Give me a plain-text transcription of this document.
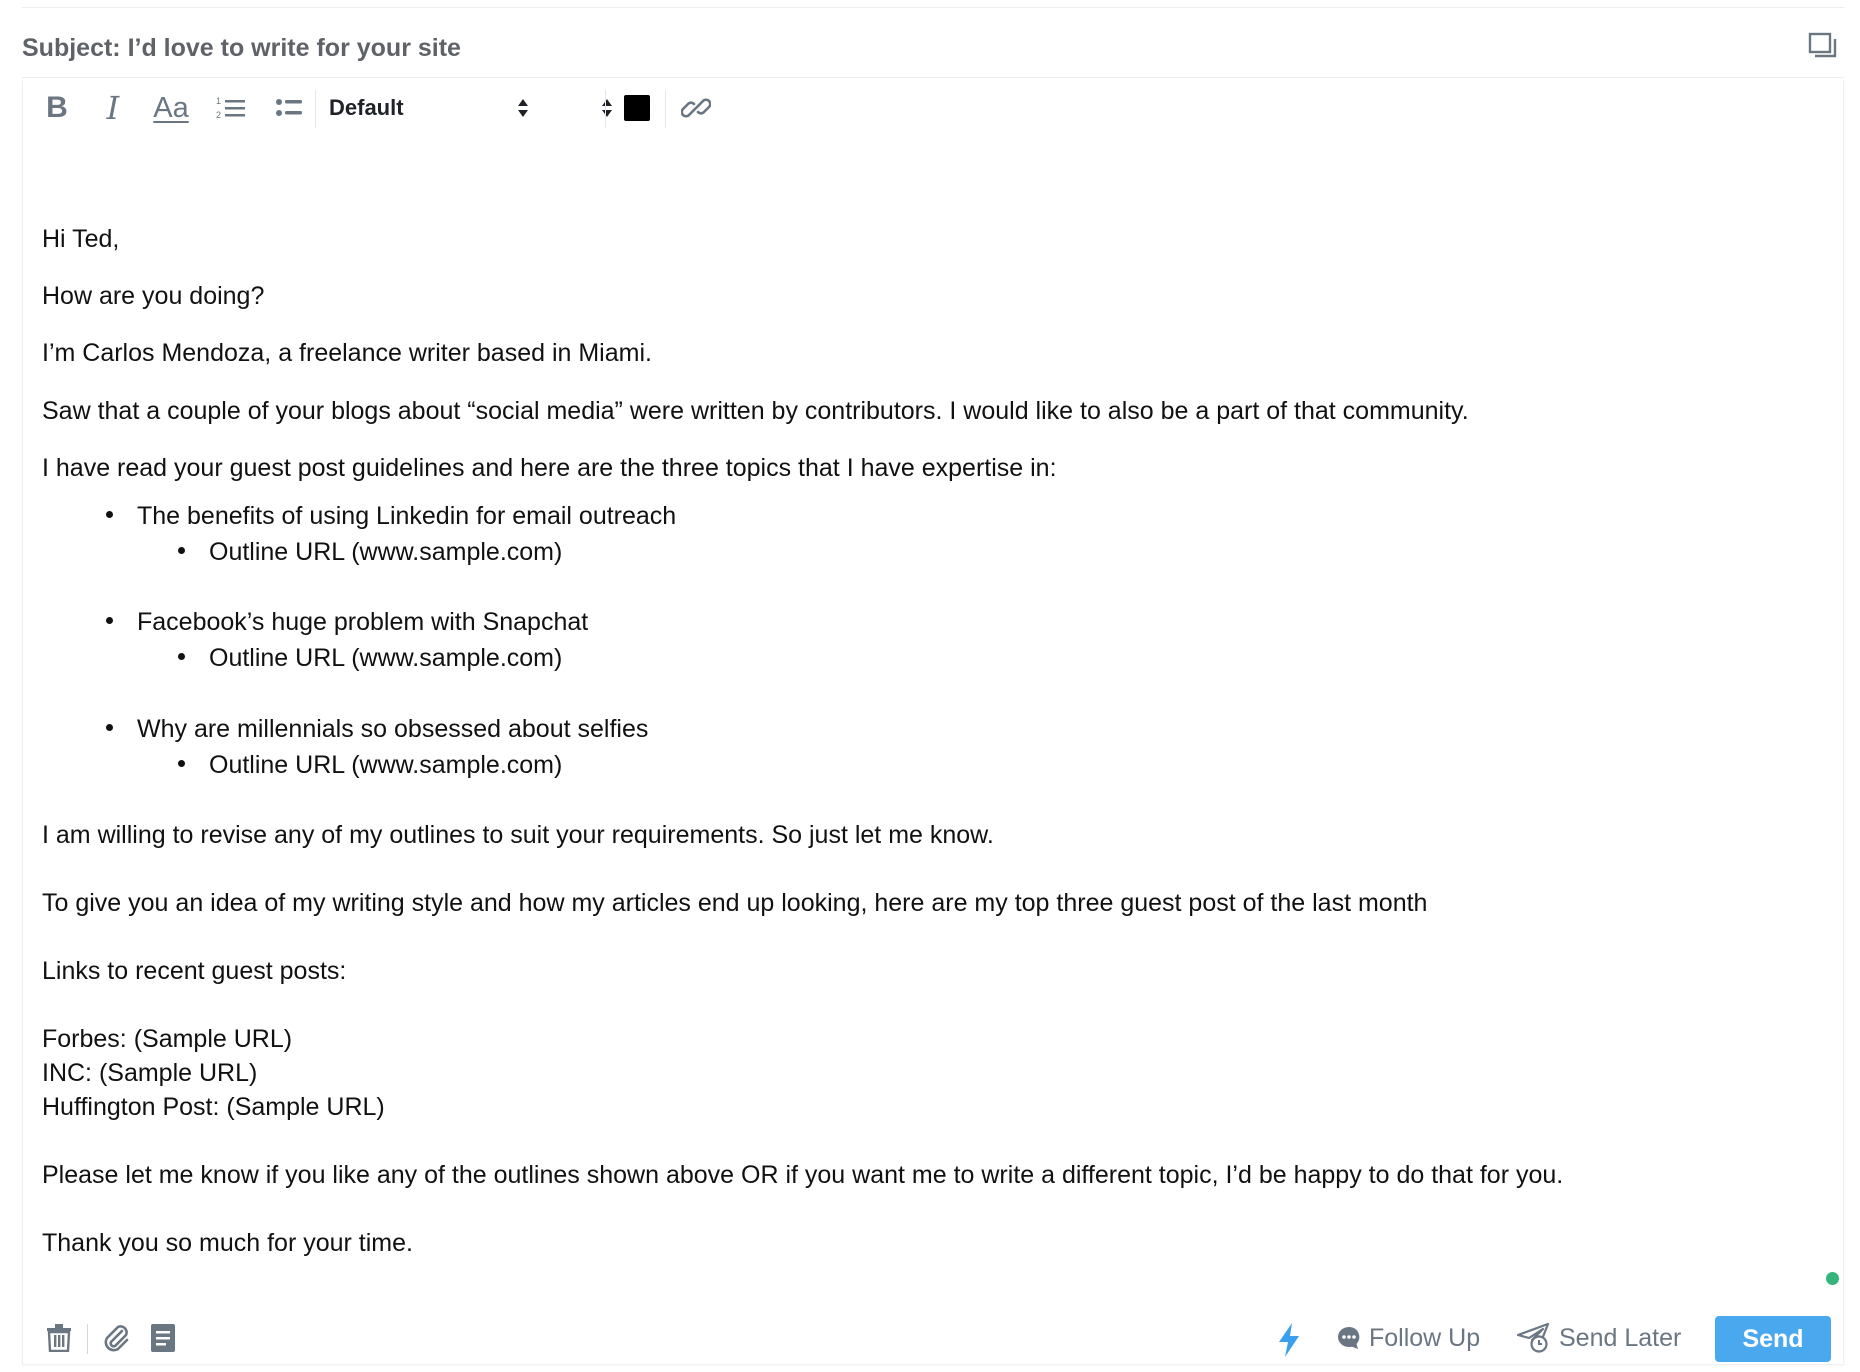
Subject: I’d love to write for your site
B	I	Aa	1
2	Default

Hi Ted,

How are you doing?

I’m Carlos Mendoza, a freelance writer based in Miami.

Saw that a couple of your blogs about “social media” were written by contributors. I would like to also be a part of that community.

I have read your guest post guidelines and here are the three topics that I have expertise in:

The benefits of using Linkedin for email outreach

Outline URL (www.sample.com)

Facebook’s huge problem with Snapchat

Outline URL (www.sample.com)

Why are millennials so obsessed about selfies

Outline URL (www.sample.com)

I am willing to revise any of my outlines to suit your requirements. So just let me know.

To give you an idea of my writing style and how my articles end up looking, here are my top three guest post of the last month

Links to recent guest posts:

Forbes: (Sample URL)

INC: (Sample URL)

Huffington Post: (Sample URL)

Please let me know if you like any of the outlines shown above OR if you want me to write a different topic, I’d be happy to do that for you.

Thank you so much for your time.

Follow Up	Send Later	Send
